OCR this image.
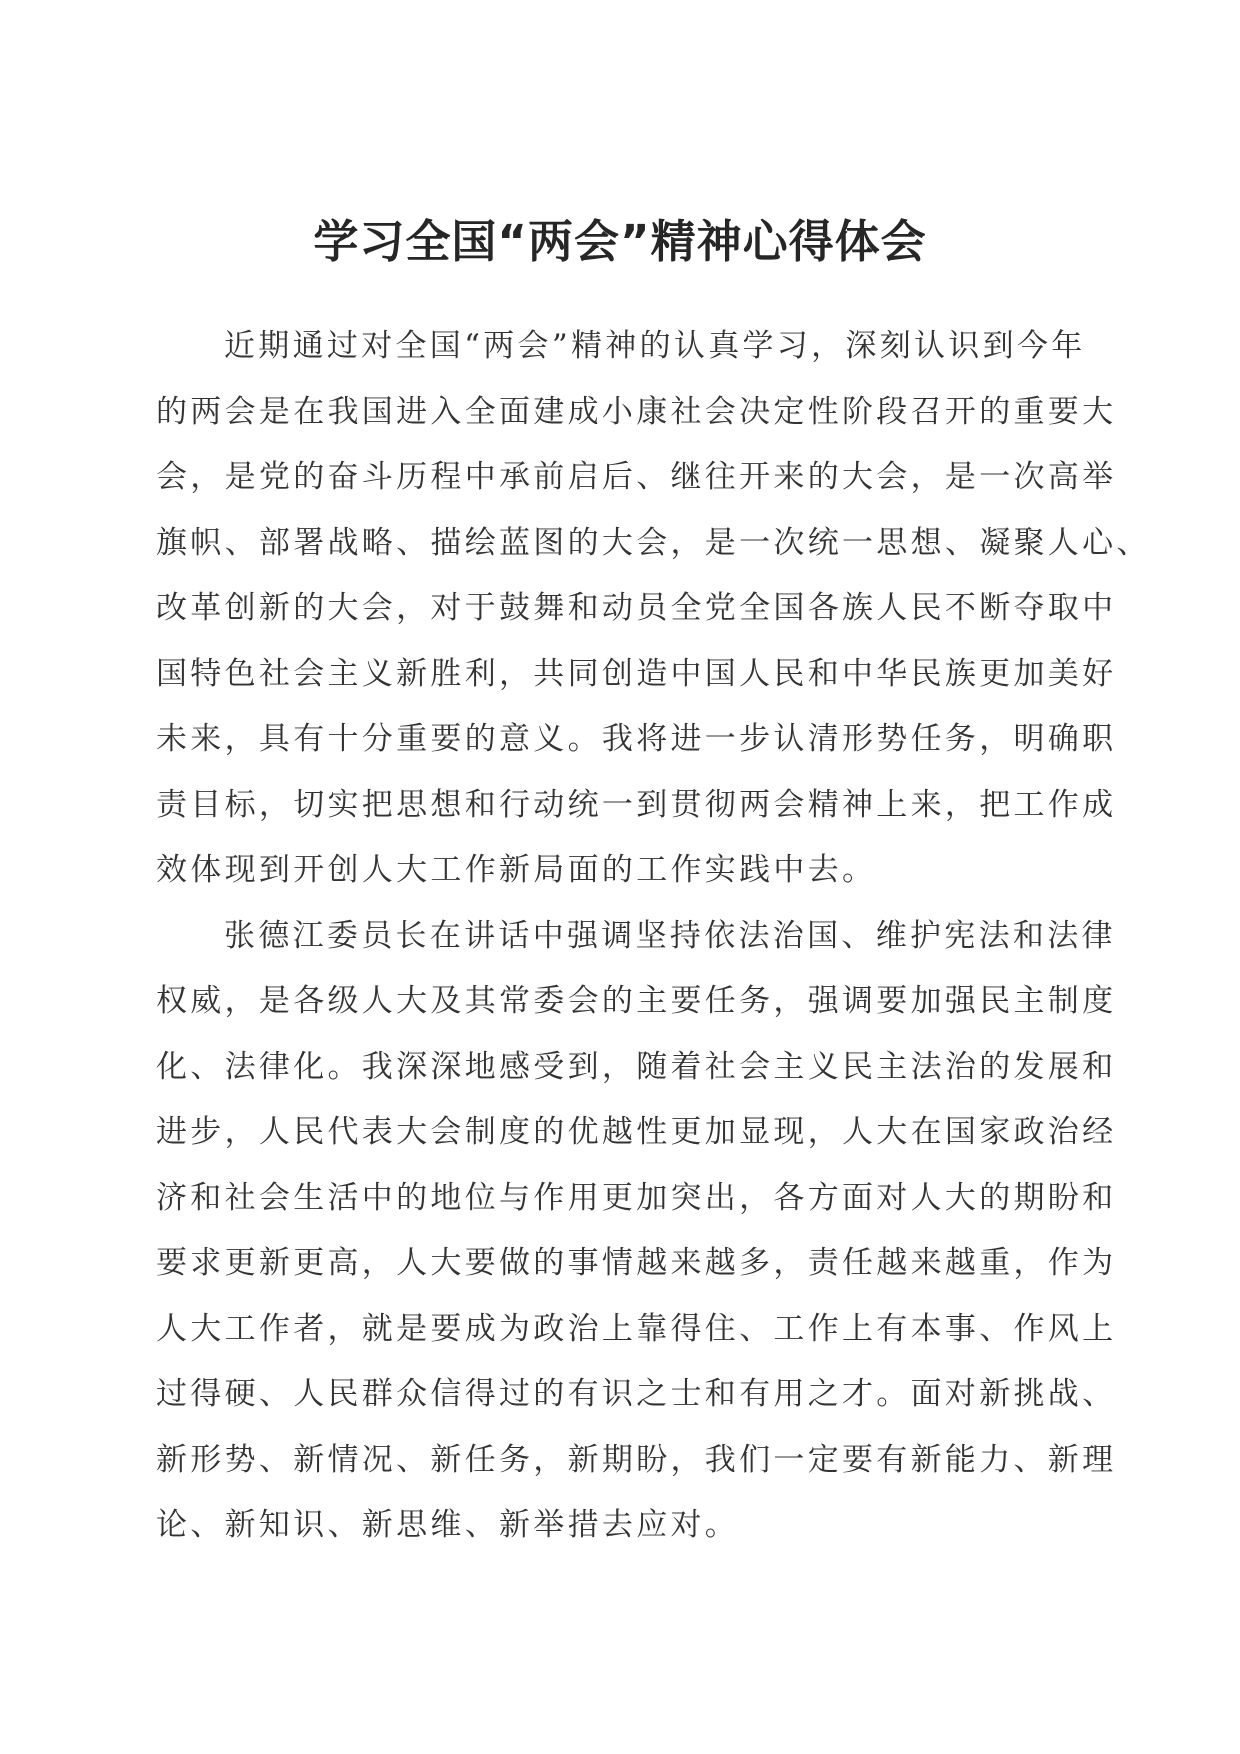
学习全国“两会”精神心得体会

近期通过对全国“两会”精神的认真学习，深刻认识到今年
的两会是在我国进入全面建成小康社会决定性阶段召开的重要大
会，是党的奋斗历程中承前启后、继往开来的大会，是一次高举
旗帜、部署战略、描绘蓝图的大会，是一次统一思想、凝聚人心、
改革创新的大会，对于鼓舞和动员全党全国各族人民不断夺取中
国特色社会主义新胜利，共同创造中国人民和中华民族更加美好
未来，具有十分重要的意义。我将进一步认清形势任务，明确职
责目标，切实把思想和行动统一到贯彻两会精神上来，把工作成
效体现到开创人大工作新局面的工作实践中去。

张德江委员长在讲话中强调坚持依法治国、维护宪法和法律
权威，是各级人大及其常委会的主要任务，强调要加强民主制度
化、法律化。我深深地感受到，随着社会主义民主法治的发展和
进步，人民代表大会制度的优越性更加显现，人大在国家政治经
济和社会生活中的地位与作用更加突出，各方面对人大的期盼和
要求更新更高，人大要做的事情越来越多，责任越来越重，作为
人大工作者，就是要成为政治上靠得住、工作上有本事、作风上
过得硬、人民群众信得过的有识之士和有用之才。面对新挑战、
新形势、新情况、新任务，新期盼，我们一定要有新能力、新理
论、新知识、新思维、新举措去应对。
